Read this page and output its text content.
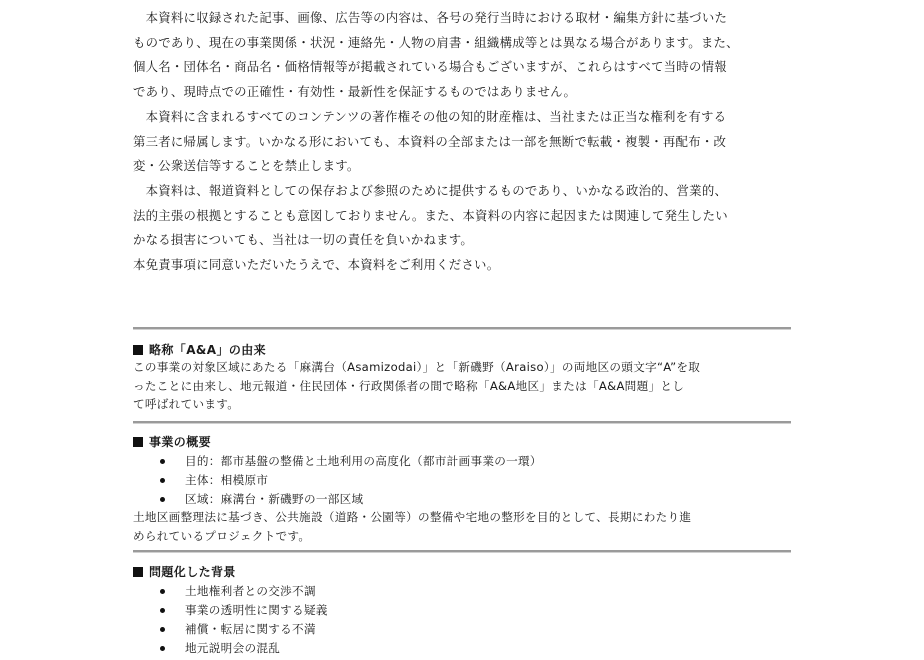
　本資料に収録された記事、画像、広告等の内容は、各号の発行当時における取材・編集方針に基づいた
ものであり、現在の事業関係・状況・連絡先・人物の肩書・組織構成等とは異なる場合があります。また、
個人名・団体名・商品名・価格情報等が掲載されている場合もございますが、これらはすべて当時の情報
であり、現時点での正確性・有効性・最新性を保証するものではありません。
　本資料に含まれるすべてのコンテンツの著作権その他の知的財産権は、当社または正当な権利を有する
第三者に帰属します。いかなる形においても、本資料の全部または一部を無断で転載・複製・再配布・改
変・公衆送信等することを禁止します。
　本資料は、報道資料としての保存および参照のために提供するものであり、いかなる政治的、営業的、
法的主張の根拠とすることも意図しておりません。また、本資料の内容に起因または関連して発生したい
かなる損害についても、当社は一切の責任を負いかねます。
本免責事項に同意いただいたうえで、本資料をご利用ください。
略称「A&A」の由来
この事業の対象区域にあたる「麻溝台（Asamizodai）」と「新磯野（Araiso）」の両地区の頭文字“A”を取
ったことに由来し、地元報道・住民団体・行政関係者の間で略称「A&A地区」または「A&A問題」とし
て呼ばれています。
事業の概要
目的：都市基盤の整備と土地利用の高度化（都市計画事業の一環）
主体：相模原市
区域：麻溝台・新磯野の一部区域
土地区画整理法に基づき、公共施設（道路・公園等）の整備や宅地の整形を目的として、長期にわたり進
められているプロジェクトです。
問題化した背景
土地権利者との交渉不調
事業の透明性に関する疑義
補償・転居に関する不満
地元説明会の混乱
